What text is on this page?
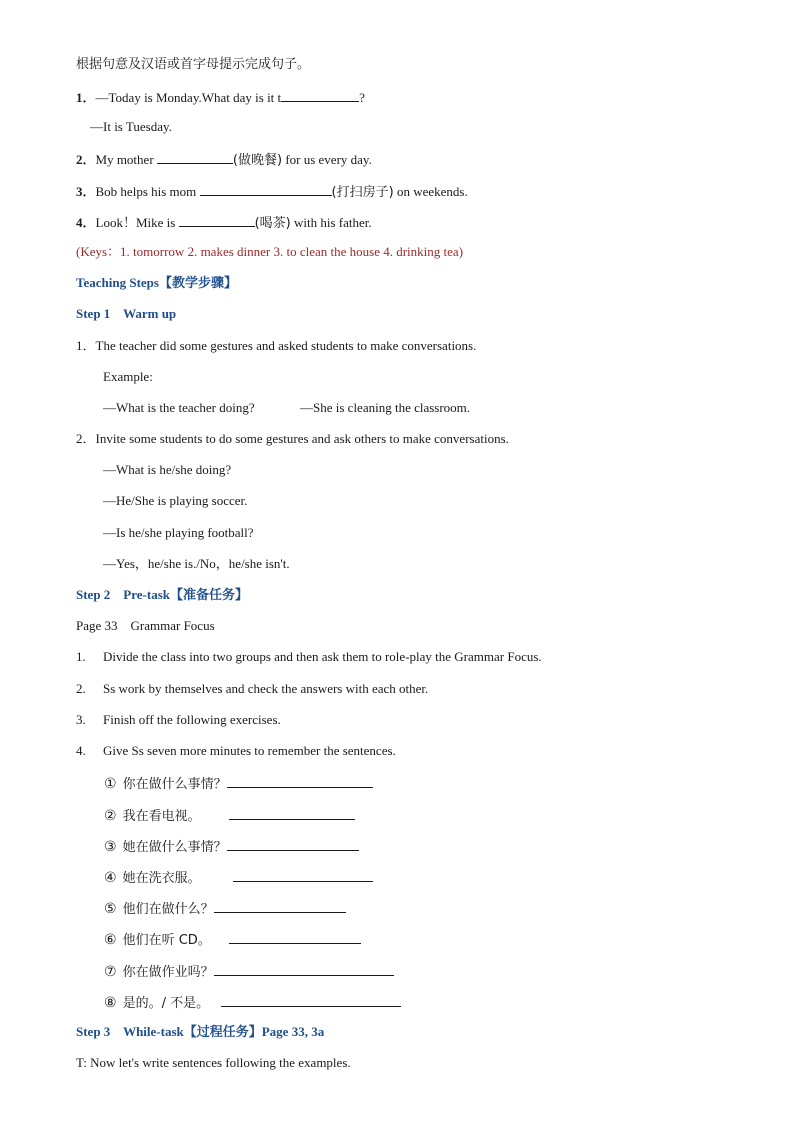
根据句意及汉语或首字母提示完成句子。
1．—Today is Monday.What day is it t	?
—It is Tuesday.
2．My mother	(做晚餐) for us every day.
3．Bob helps his mom	(打扫房子) on weekends.
4．Look！Mike is	(喝茶) with his father.
(Keys：1. tomorrow 2. makes dinner 3. to clean the house 4. drinking tea)
Teaching Steps【教学步骤】
Step 1    Warm up
1．The teacher did some gestures and asked students to make conversations.
Example:
—What is the teacher doing?	—She is cleaning the classroom.
2．Invite some students to do some gestures and ask others to make conversations.
—What is he/she doing?
—He/She is playing soccer.
—Is he/she playing football?
—Yes，he/she is./No，he/she isn't.
Step 2    Pre-task【准备任务】
Page 33    Grammar Focus
1. Divide the class into two groups and then ask them to role-play the Grammar Focus.
2. Ss work by themselves and check the answers with each other.
3. Finish off the following exercises.
4. Give Ss seven more minutes to remember the sentences.
① 你在做什么事情？
② 我在看电视。
③ 她在做什么事情？
④ 她在洗衣服。
⑤ 他们在做什么？
⑥ 他们在听 CD。
⑦ 你在做作业吗？
⑧ 是的。/ 不是。
Step 3    While-task【过程任务】Page 33, 3a
T: Now let's write sentences following the examples.
